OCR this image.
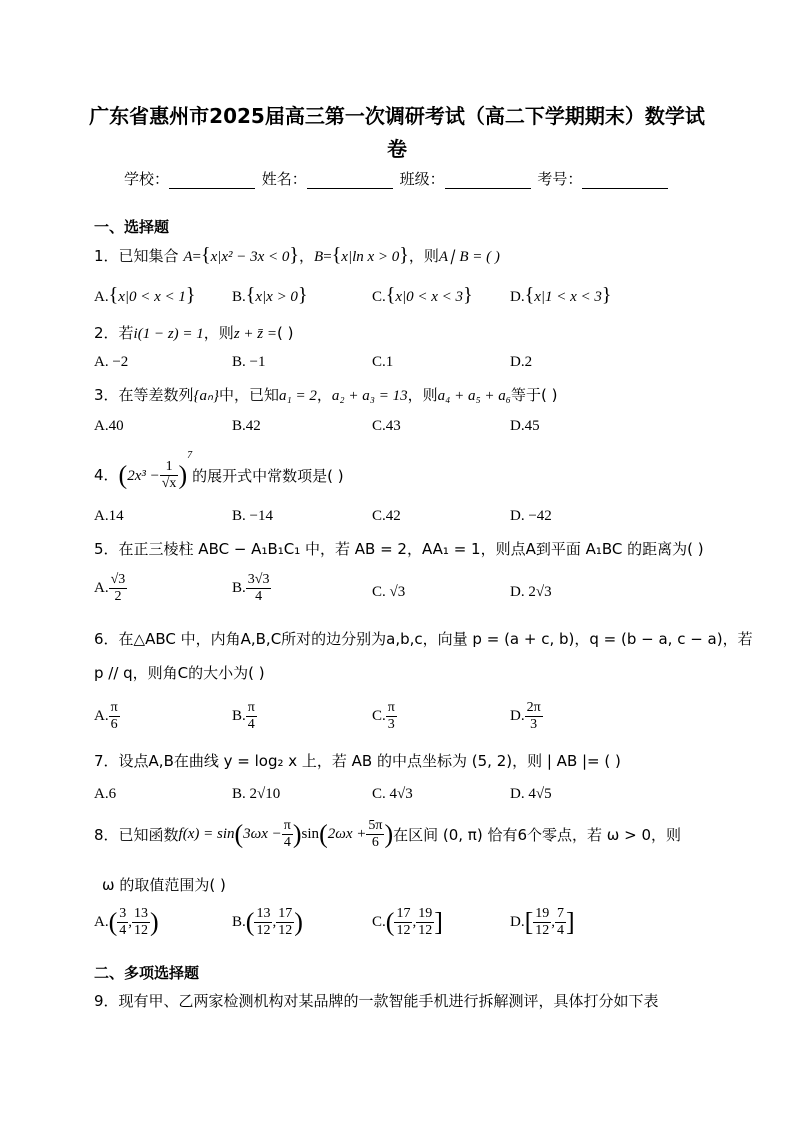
广东省惠州市2025届高三第一次调研考试（高二下学期期末）数学试
卷
学校：	姓名：	班级：	考号：
一、选择题
1．已知集合 A={x|x² − 3x < 0}，B={x|ln x > 0}，则A∣ B = ( )
A.{x|0 < x < 1} B.{x|x > 0}	C.{x|0 < x < 3} D.{x|1 < x < 3}
2．若i(1 − z) = 1，则z + z̄ =( )
A. −2	B. −1	C.1	D.2
3．在等差数列{aₙ}中，已知a₁ = 2，a₂ + a₃ = 13，则a₄ + a₅ + a₆等于( )
A.40	B.42	C.43	D.45
4．$(2x^3 - \frac{1}{√x} )^7$的展开式中常数项是( )
A.14	B. −14	C.42	D. −42
5．在正三棱柱 ABC − A₁B₁C₁ 中，若 AB = 2，AA₁ = 1，则点A到平面 A₁BC 的距离为( )
A. $\frac{√3}{2}$	B. $\frac{3√3}{4}$	C. √3	D. 2√3
6．在△ABC 中，内角A,B,C所对的边分别为a,b,c，向量 p = (a + c, b)，q = (b − a, c − a)，若
p // q，则角C的大小为( )
A. $\frac{\pi}{6}$	B. $\frac{\pi}{4}$	C. $\frac{\pi}{3}$	D. $\frac{2\pi}{3}$
7．设点A,B在曲线 y = log₂ x 上，若 AB 的中点坐标为 (5, 2)，则 | AB |= ( )
A.6	B. 2√10	C. 4√3	D. 4√5
8．已知函数$f(x) = \sin(3\omega x - \frac{\pi}{4} )\sin(2\omega x + \frac{5\pi}{6}$ )在区间 (0, π) 恰有6个零点，若 ω > 0，则
ω 的取值范围为( )
$A.( \frac{3}{4}$ , $\frac{13}{12}$ )	$B.( \frac{13}{12}$ , $\frac{17}{12}$ )	$C.( \frac{17}{12}$ , $\frac{19}{12}$ ]	$D.[ \frac{19}{12}$ , $\frac{7}{4}$ ]
二、多项选择题
9．现有甲、乙两家检测机构对某品牌的一款智能手机进行拆解测评，具体打分如下表
